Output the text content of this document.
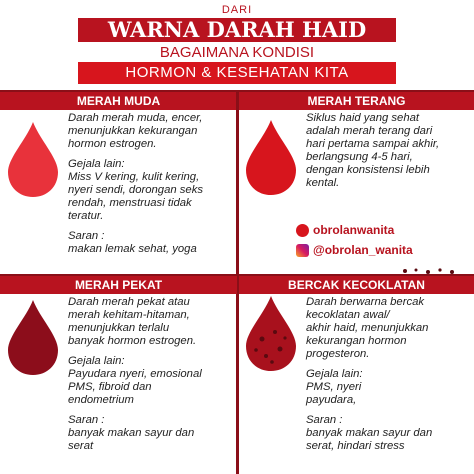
DARI
WARNA DARAH HAID
BAGAIMANA KONDISI
HORMON & KESEHATAN KITA
MERAH MUDA	MERAH TERANG
MERAH PEKAT	BERCAK KECOKLATAN
Darah merah muda, encer,
menunjukkan kekurangan
hormon estrogen.

Gejala lain:
Miss V kering, kulit kering,
nyeri sendi, dorongan seks
rendah, menstruasi tidak
teratur.

Saran :
makan lemak sehat, yoga
Siklus haid yang sehat
adalah merah terang dari
hari pertama sampai akhir,
berlangsung 4-5 hari,
dengan konsistensi lebih
kental.
Darah merah pekat atau
merah kehitam-hitaman,
menunjukkan terlalu
banyak hormon estrogen.

Gejala lain:
Payudara nyeri, emosional
PMS, fibroid dan
endometrium

Saran :
banyak makan sayur dan
serat
Darah berwarna bercak
kecoklatan awal/
akhir haid, menunjukkan
kekurangan hormon
progesteron.

Gejala lain:
PMS, nyeri
payudara,

Saran :
banyak makan sayur dan
serat, hindari stress
obrolanwanita
@obrolan_wanita
